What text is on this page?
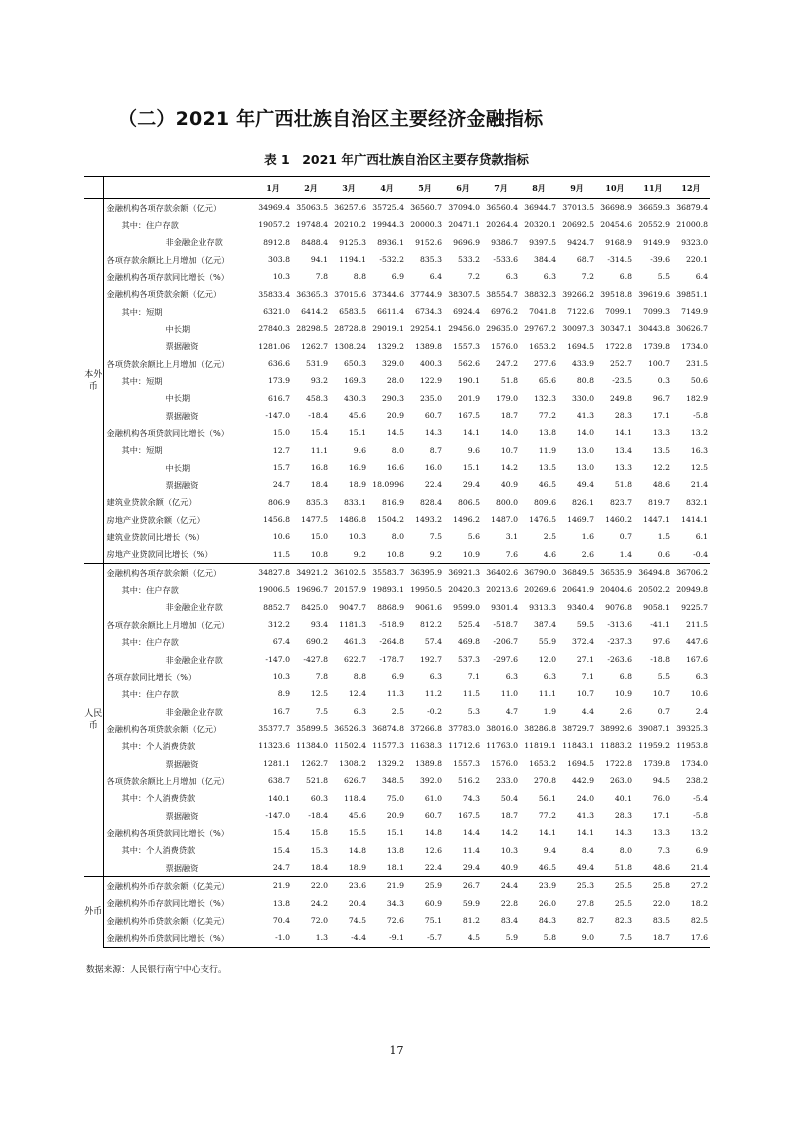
（二）2021 年广西壮族自治区主要经济金融指标
表 1　2021 年广西壮族自治区主要存贷款指标
		1月	2月	3月	4月	5月	6月	7月	8月	9月	10月	11月	12月
本外币	金融机构各项存款余额（亿元）	34969.4	35063.5	36257.6	35725.4	36560.7	37094.0	36560.4	36944.7	37013.5	36698.9	36659.3	36879.4
	其中：住户存款	19057.2	19748.4	20210.2	19944.3	20000.3	20471.1	20264.4	20320.1	20692.5	20454.6	20552.9	21000.8
	非金融企业存款	8912.8	8488.4	9125.3	8936.1	9152.6	9696.9	9386.7	9397.5	9424.7	9168.9	9149.9	9323.0
	各项存款余额比上月增加（亿元）	303.8	94.1	1194.1	-532.2	835.3	533.2	-533.6	384.4	68.7	-314.5	-39.6	220.1
	金融机构各项存款同比增长（%）	10.3	7.8	8.8	6.9	6.4	7.2	6.3	6.3	7.2	6.8	5.5	6.4
	金融机构各项贷款余额（亿元）	35833.4	36365.3	37015.6	37344.6	37744.9	38307.5	38554.7	38832.3	39266.2	39518.8	39619.6	39851.1
	其中：短期	6321.0	6414.2	6583.5	6611.4	6734.3	6924.4	6976.2	7041.8	7122.6	7099.1	7099.3	7149.9
	中长期	27840.3	28298.5	28728.8	29019.1	29254.1	29456.0	29635.0	29767.2	30097.3	30347.1	30443.8	30626.7
	票据融资	1281.06	1262.7	1308.24	1329.2	1389.8	1557.3	1576.0	1653.2	1694.5	1722.8	1739.8	1734.0
	各项贷款余额比上月增加（亿元）	636.6	531.9	650.3	329.0	400.3	562.6	247.2	277.6	433.9	252.7	100.7	231.5
	其中：短期	173.9	93.2	169.3	28.0	122.9	190.1	51.8	65.6	80.8	-23.5	0.3	50.6
	中长期	616.7	458.3	430.3	290.3	235.0	201.9	179.0	132.3	330.0	249.8	96.7	182.9
	票据融资	-147.0	-18.4	45.6	20.9	60.7	167.5	18.7	77.2	41.3	28.3	17.1	-5.8
	金融机构各项贷款同比增长（%）	15.0	15.4	15.1	14.5	14.3	14.1	14.0	13.8	14.0	14.1	13.3	13.2
	其中：短期	12.7	11.1	9.6	8.0	8.7	9.6	10.7	11.9	13.0	13.4	13.5	16.3
	中长期	15.7	16.8	16.9	16.6	16.0	15.1	14.2	13.5	13.0	13.3	12.2	12.5
	票据融资	24.7	18.4	18.9	18.0996	22.4	29.4	40.9	46.5	49.4	51.8	48.6	21.4
	建筑业贷款余额（亿元）	806.9	835.3	833.1	816.9	828.4	806.5	800.0	809.6	826.1	823.7	819.7	832.1
	房地产业贷款余额（亿元）	1456.8	1477.5	1486.8	1504.2	1493.2	1496.2	1487.0	1476.5	1469.7	1460.2	1447.1	1414.1
	建筑业贷款同比增长（%）	10.6	15.0	10.3	8.0	7.5	5.6	3.1	2.5	1.6	0.7	1.5	6.1
	房地产业贷款同比增长（%）	11.5	10.8	9.2	10.8	9.2	10.9	7.6	4.6	2.6	1.4	0.6	-0.4
人民币	金融机构各项存款余额（亿元）	34827.8	34921.2	36102.5	35583.7	36395.9	36921.3	36402.6	36790.0	36849.5	36535.9	36494.8	36706.2
	其中：住户存款	19006.5	19696.7	20157.9	19893.1	19950.5	20420.3	20213.6	20269.6	20641.9	20404.6	20502.2	20949.8
	非金融企业存款	8852.7	8425.0	9047.7	8868.9	9061.6	9599.0	9301.4	9313.3	9340.4	9076.8	9058.1	9225.7
	各项存款余额比上月增加（亿元）	312.2	93.4	1181.3	-518.9	812.2	525.4	-518.7	387.4	59.5	-313.6	-41.1	211.5
	其中：住户存款	67.4	690.2	461.3	-264.8	57.4	469.8	-206.7	55.9	372.4	-237.3	97.6	447.6
	非金融企业存款	-147.0	-427.8	622.7	-178.7	192.7	537.3	-297.6	12.0	27.1	-263.6	-18.8	167.6
	各项存款同比增长（%）	10.3	7.8	8.8	6.9	6.3	7.1	6.3	6.3	7.1	6.8	5.5	6.3
	其中：住户存款	8.9	12.5	12.4	11.3	11.2	11.5	11.0	11.1	10.7	10.9	10.7	10.6
	非金融企业存款	16.7	7.5	6.3	2.5	-0.2	5.3	4.7	1.9	4.4	2.6	0.7	2.4
	金融机构各项贷款余额（亿元）	35377.7	35899.5	36526.3	36874.8	37266.8	37783.0	38016.0	38286.8	38729.7	38992.6	39087.1	39325.3
	其中：个人消费贷款	11323.6	11384.0	11502.4	11577.3	11638.3	11712.6	11763.0	11819.1	11843.1	11883.2	11959.2	11953.8
	票据融资	1281.1	1262.7	1308.2	1329.2	1389.8	1557.3	1576.0	1653.2	1694.5	1722.8	1739.8	1734.0
	各项贷款余额比上月增加（亿元）	638.7	521.8	626.7	348.5	392.0	516.2	233.0	270.8	442.9	263.0	94.5	238.2
	其中：个人消费贷款	140.1	60.3	118.4	75.0	61.0	74.3	50.4	56.1	24.0	40.1	76.0	-5.4
	票据融资	-147.0	-18.4	45.6	20.9	60.7	167.5	18.7	77.2	41.3	28.3	17.1	-5.8
	金融机构各项贷款同比增长（%）	15.4	15.8	15.5	15.1	14.8	14.4	14.2	14.1	14.1	14.3	13.3	13.2
	其中：个人消费贷款	15.4	15.3	14.8	13.8	12.6	11.4	10.3	9.4	8.4	8.0	7.3	6.9
	票据融资	24.7	18.4	18.9	18.1	22.4	29.4	40.9	46.5	49.4	51.8	48.6	21.4
外币	金融机构外币存款余额（亿美元）	21.9	22.0	23.6	21.9	25.9	26.7	24.4	23.9	25.3	25.5	25.8	27.2
	金融机构外币存款同比增长（%）	13.8	24.2	20.4	34.3	60.9	59.9	22.8	26.0	27.8	25.5	22.0	18.2
	金融机构外币贷款余额（亿美元）	70.4	72.0	74.5	72.6	75.1	81.2	83.4	84.3	82.7	82.3	83.5	82.5
	金融机构外币贷款同比增长（%）	-1.0	1.3	-4.4	-9.1	-5.7	4.5	5.9	5.8	9.0	7.5	18.7	17.6
数据来源：人民银行南宁中心支行。
17
